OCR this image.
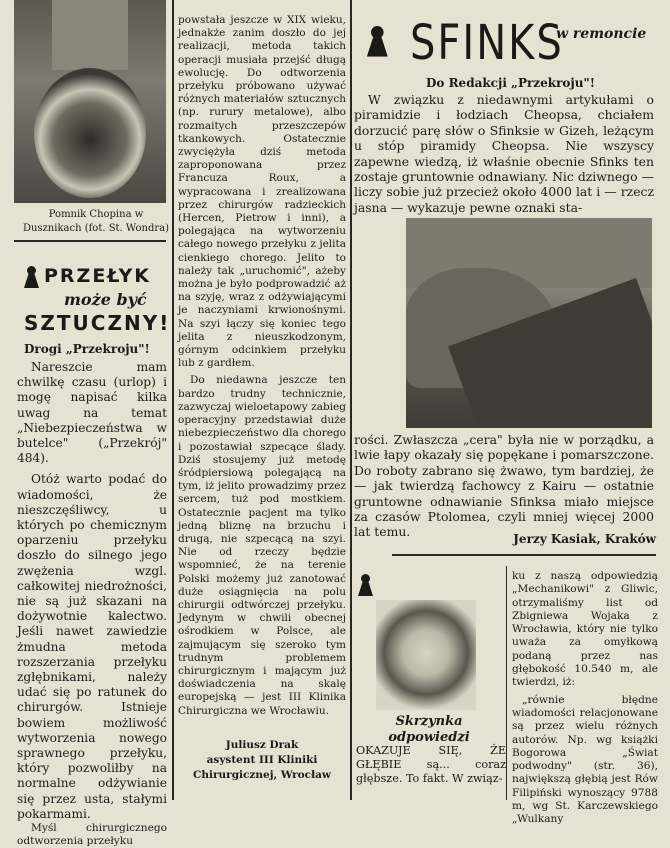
Pomnik Chopina w Dusznikach (fot. St. Wondra)
PRZEŁYK
może być
SZTUCZNY!
Drogi „Przekroju"!

Nareszcie mam chwilkę czasu (urlop) i mogę napisać kilka uwag na temat „Niebezpieczeństwa w butelce" („Przekrój" 484).

Otóż warto podać do wiadomości, że nieszczęśliwcy, u których po chemicznym oparzeniu przełyku doszło do silnego jego zwężenia wzgl. całkowitej niedrożności, nie są już skazani na dożywotnie kalectwo. Jeśli nawet zawiedzie żmudna metoda rozszerzania przełyku zgłębnikami, należy udać się po ratunek do chirurgów. Istnieje bowiem możliwość wytworzenia nowego sprawnego przełyku, który pozwoliłby na normalne odżywianie się przez usta, stałymi pokarmami.

Myśl chirurgicznego odtworzenia przełyku

powstała jeszcze w XIX wieku, jednakże zanim doszło do jej realizacji, metoda takich operacji musiała przejść długą ewolucję. Do odtworzenia przełyku próbowano używać różnych materiałów sztucznych (np. rurury metalowe), albo rozmaitych przeszczepów tkankowych. Ostatecznie zwyciężyła dziś metoda zaproponowana przez Francuza Roux, a wypracowana i zrealizowana przez chirurgów radzieckich (Hercen, Pietrow i inni), a polegająca na wytworzeniu całego nowego przełyku z jelita cienkiego chorego. Jelito to należy tak „uruchomić", ażeby można je było podprowadzić aż na szyję, wraz z odżywiającymi je naczyniami krwionośnymi. Na szyi łączy się koniec tego jelita z nieuszkodzonym, górnym odcinkiem przełyku lub z gardłem.

Do niedawna jeszcze ten bardzo trudny technicznie, zazwyczaj wieloetapowy zabieg operacyjny przedstawiał duże niebezpieczeństwo dla chorego i pozostawiał szpecące ślady. Dziś stosujemy już metodę śródpiersiową polegającą na tym, iż jelito prowadzimy przez sercem, tuż pod mostkiem. Ostatecznie pacjent ma tylko jedną bliznę na brzuchu i drugą, nie szpecącą na szyi. Nie od rzeczy będzie wspomnieć, że na terenie Polski możemy już zanotować duże osiągnięcia na polu chirurgii odtwórczej przełyku. Jedynym w chwili obecnej ośrodkiem w Polsce, ale zajmującym się szeroko tym trudnym problemem chirurgicznym i mającym już doświadczenia na skalę europejską — jest III Klinika Chirurgiczna we Wrocławiu.

Juliusz Drak
asystent III Kliniki Chirurgicznej, Wrocław
SFINKS
w remoncie
Do Redakcji „Przekroju"!

W związku z niedawnymi artykułami o piramidzie i łodziach Cheopsa, chciałem dorzucić parę słów o Sfinksie w Gizeh, leżącym u stóp piramidy Cheopsa. Nie wszyscy zapewne wiedzą, iż właśnie obecnie Sfinks ten zostaje gruntownie odnawiany. Nic dziwnego — liczy sobie już przecież około 4000 lat i — rzecz jasna — wykazuje pewne oznaki sta-

rości. Zwłaszcza „cera" była nie w porządku, a lwie łapy okazały się popękane i pomarszczone. Do roboty zabrano się żwawo, tym bardziej, że — jak twierdzą fachowcy z Kairu — ostatnie gruntowne odnawianie Sfinksa miało miejsce za czasów Ptolomea, czyli mniej więcej 2000 lat temu.	Jerzy Kasiak, Kraków
Skrzynka
odpowiedzi

OKAZUJE SIĘ, ŻE GŁĘBIE są... coraz głębsze. To fakt. W związ-

ku z naszą odpowiedzią „Mechanikowi" z Gliwic, otrzymaliśmy list od Zbigniewa Wojaka z Wrocławia, który nie tylko uważa za omyłkową podaną przez nas głębokość 10.540 m, ale twierdzi, iż:

„równie błędne wiadomości relacjonowane są przez wielu różnych autorów. Np. wg książki Bogorowa „Świat podwodny" (str. 36), największą głębią jest Rów Filipiński wynoszący 9788 m, wg St. Karczewskiego „Wulkany
